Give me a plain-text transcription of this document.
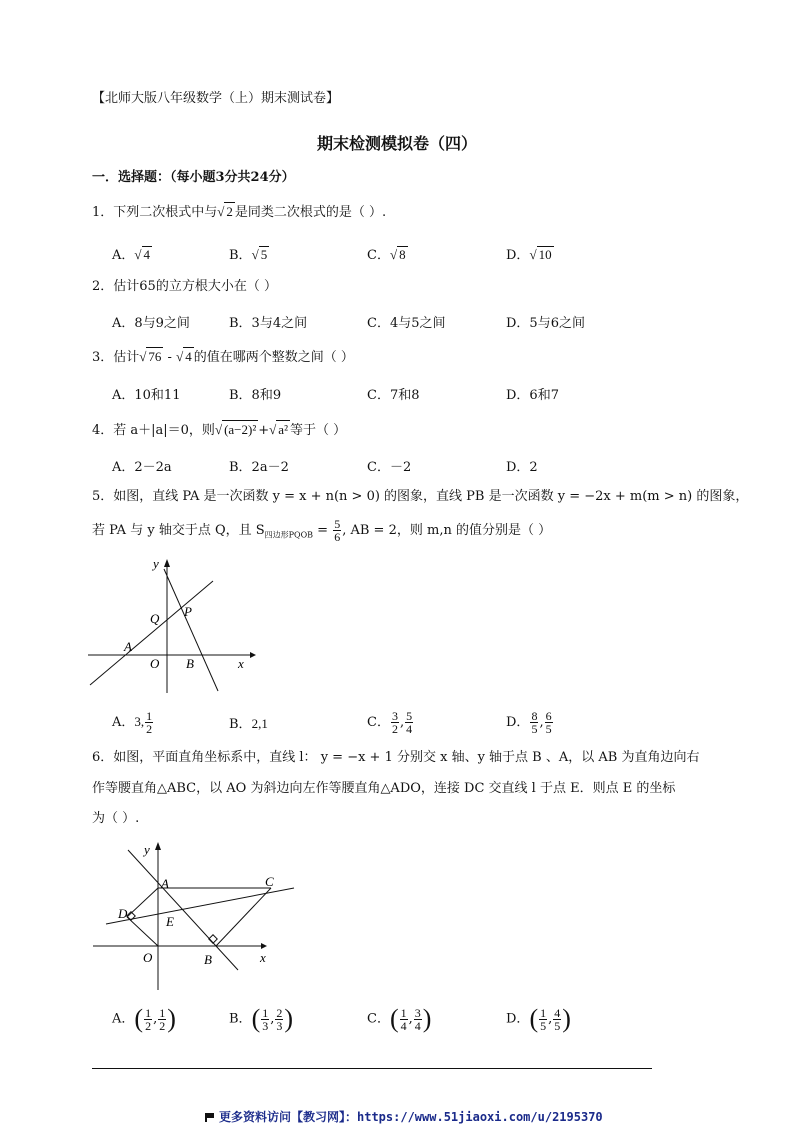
【北师大版八年级数学（上）期末测试卷】
期末检测模拟卷（四）
一．选择题：（每小题3分共24分）
1．下列二次根式中与√ 2 是同类二次根式的是（ ）.
A．√ 4	B．√ 5	C．√ 8	D．√ 10
2．估计65的立方根大小在（ ）
A．8与9之间	B．3与4之间	C．4与5之间	D．5与6之间
3．估计√ 76 - √ 4 的值在哪两个整数之间（ ）
A．10和11	B．8和9	C．7和8	D．6和7
4．若 a＋|a|＝0，则√ (a−2)² +√ a² 等于（ ）
A．2－2a	B．2a－2	C．－2	D．2
5．如图，直线 PA 是一次函数 y = x + n(n > 0) 的图象，直线 PB 是一次函数 y = −2x + m(m > n) 的图象，
若 PA 与 y 轴交于点 Q，且 $S_{四边形PQOB} = \frac{5}{6}$ , AB = 2，则 m,n 的值分别是（ ）
y
Q P
A
O B	x
A．3, $\frac{1}{2}$	B．2,1	C． $\frac{3}{2}$ , $\frac{5}{4}$	D． $\frac{8}{5}$ , $\frac{6}{5}$
6．如图，平面直角坐标系中，直线 l： y = −x + 1 分别交 x 轴、y 轴于点 B 、A，以 AB 为直角边向右
作等腰直角△ABC，以 AO 为斜边向左作等腰直角△ADO，连接 DC 交直线 l 于点 E．则点 E 的坐标
为（ ）.
y
A	C
D
E
O	B	x
A．( $\frac{1}{2}$ , $\frac{1}{2}$ )	B．( $\frac{1}{3}$ , $\frac{2}{3}$ )	C．( $\frac{1}{4}$ , $\frac{3}{4}$ )	D．( $\frac{1}{5}$ , $\frac{4}{5}$ )
更多资料访问【教习网】：https://www.51jiaoxi.com/u/2195370
